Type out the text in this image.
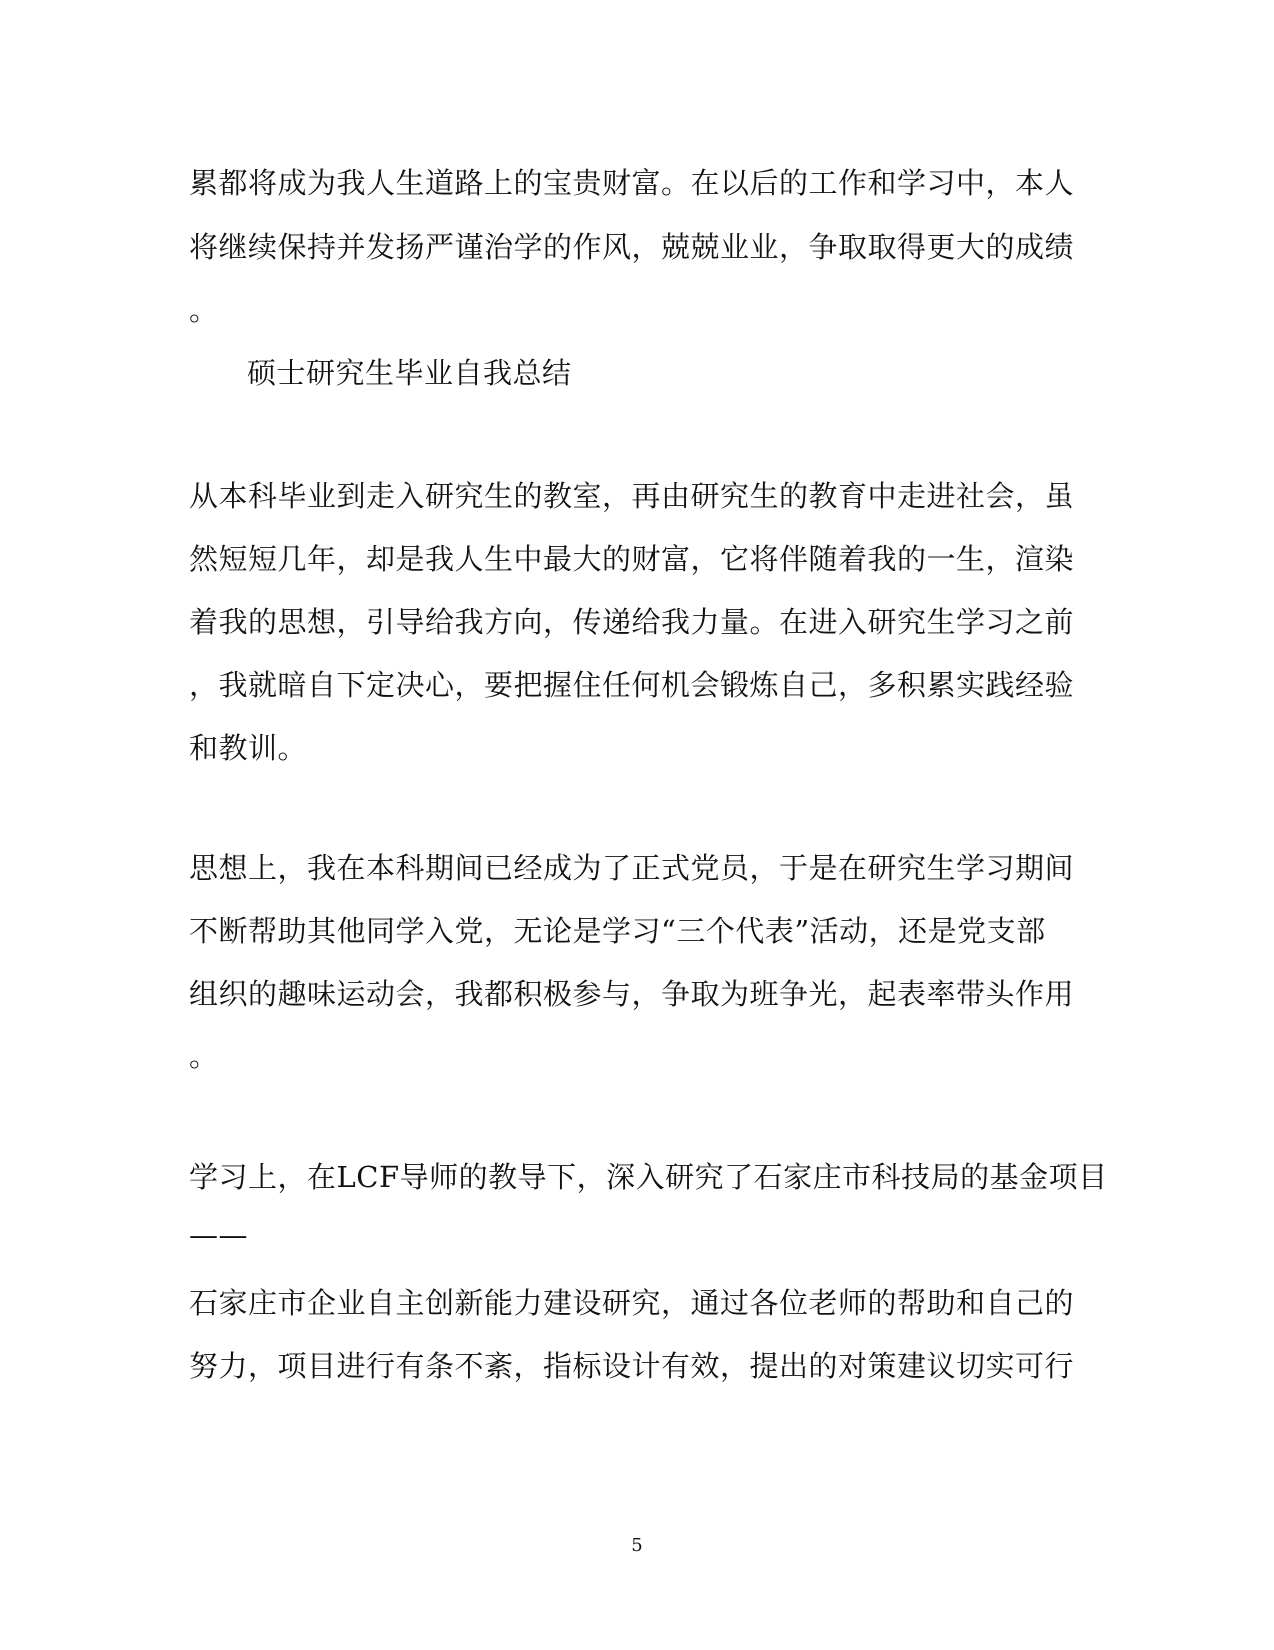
累都将成为我人生道路上的宝贵财富。在以后的工作和学习中，本人
将继续保持并发扬严谨治学的作风，兢兢业业，争取取得更大的成绩
。
硕士研究生毕业自我总结
从本科毕业到走入研究生的教室，再由研究生的教育中走进社会，虽
然短短几年，却是我人生中最大的财富，它将伴随着我的一生，渲染
着我的思想，引导给我方向，传递给我力量。在进入研究生学习之前
，我就暗自下定决心，要把握住任何机会锻炼自己，多积累实践经验
和教训。
思想上，我在本科期间已经成为了正式党员，于是在研究生学习期间
不断帮助其他同学入党，无论是学习“三个代表”活动，还是党支部
组织的趣味运动会，我都积极参与，争取为班争光，起表率带头作用
。
学习上，在LCF导师的教导下，深入研究了石家庄市科技局的基金项目
——
石家庄市企业自主创新能力建设研究，通过各位老师的帮助和自己的
努力，项目进行有条不紊，指标设计有效，提出的对策建议切实可行
5
